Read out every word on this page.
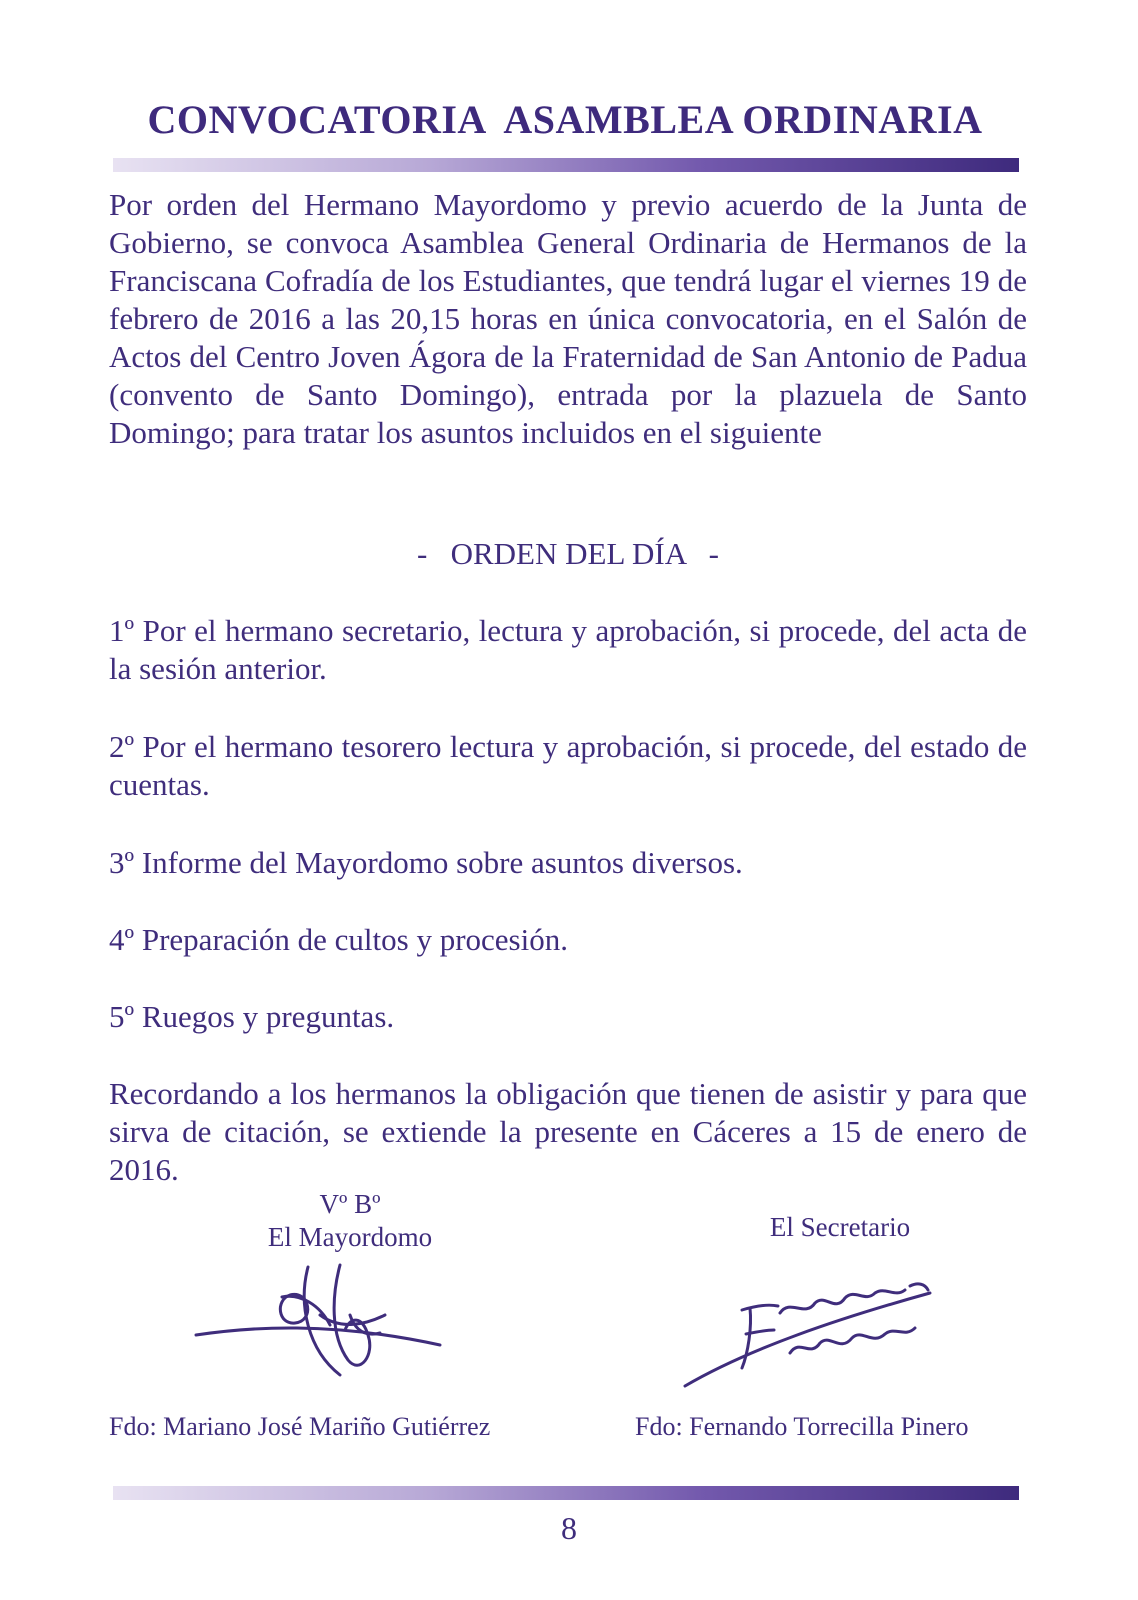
CONVOCATORIA  ASAMBLEA ORDINARIA
Por orden del Hermano Mayordomo y previo acuerdo de la Junta de Gobierno, se convoca Asamblea General Ordinaria de Hermanos de la Franciscana Cofradía de los Estudiantes, que tendrá lugar el viernes 19 de febrero de 2016 a las 20,15 horas en única convocatoria, en el Salón de Actos del Centro Joven Ágora de la Fraternidad de San Antonio de Padua (convento de Santo Domingo), entrada por la plazuela de Santo Domingo; para tratar los asuntos incluidos en el siguiente
-   ORDEN DEL DÍA   -
1º Por el hermano secretario, lectura y aprobación, si procede, del acta de la sesión anterior.
2º Por el hermano tesorero lectura y aprobación, si procede, del estado de cuentas.
3º Informe del Mayordomo sobre asuntos diversos.
4º Preparación de cultos y procesión.
5º Ruegos y preguntas.
Recordando a los hermanos la obligación que tienen de asistir y para que sirva de citación, se extiende la presente en Cáceres a 15 de enero de 2016.
Vº Bº
El Mayordomo	El Secretario
Fdo: Mariano José Mariño Gutiérrez	Fdo: Fernando Torrecilla Pinero
8
